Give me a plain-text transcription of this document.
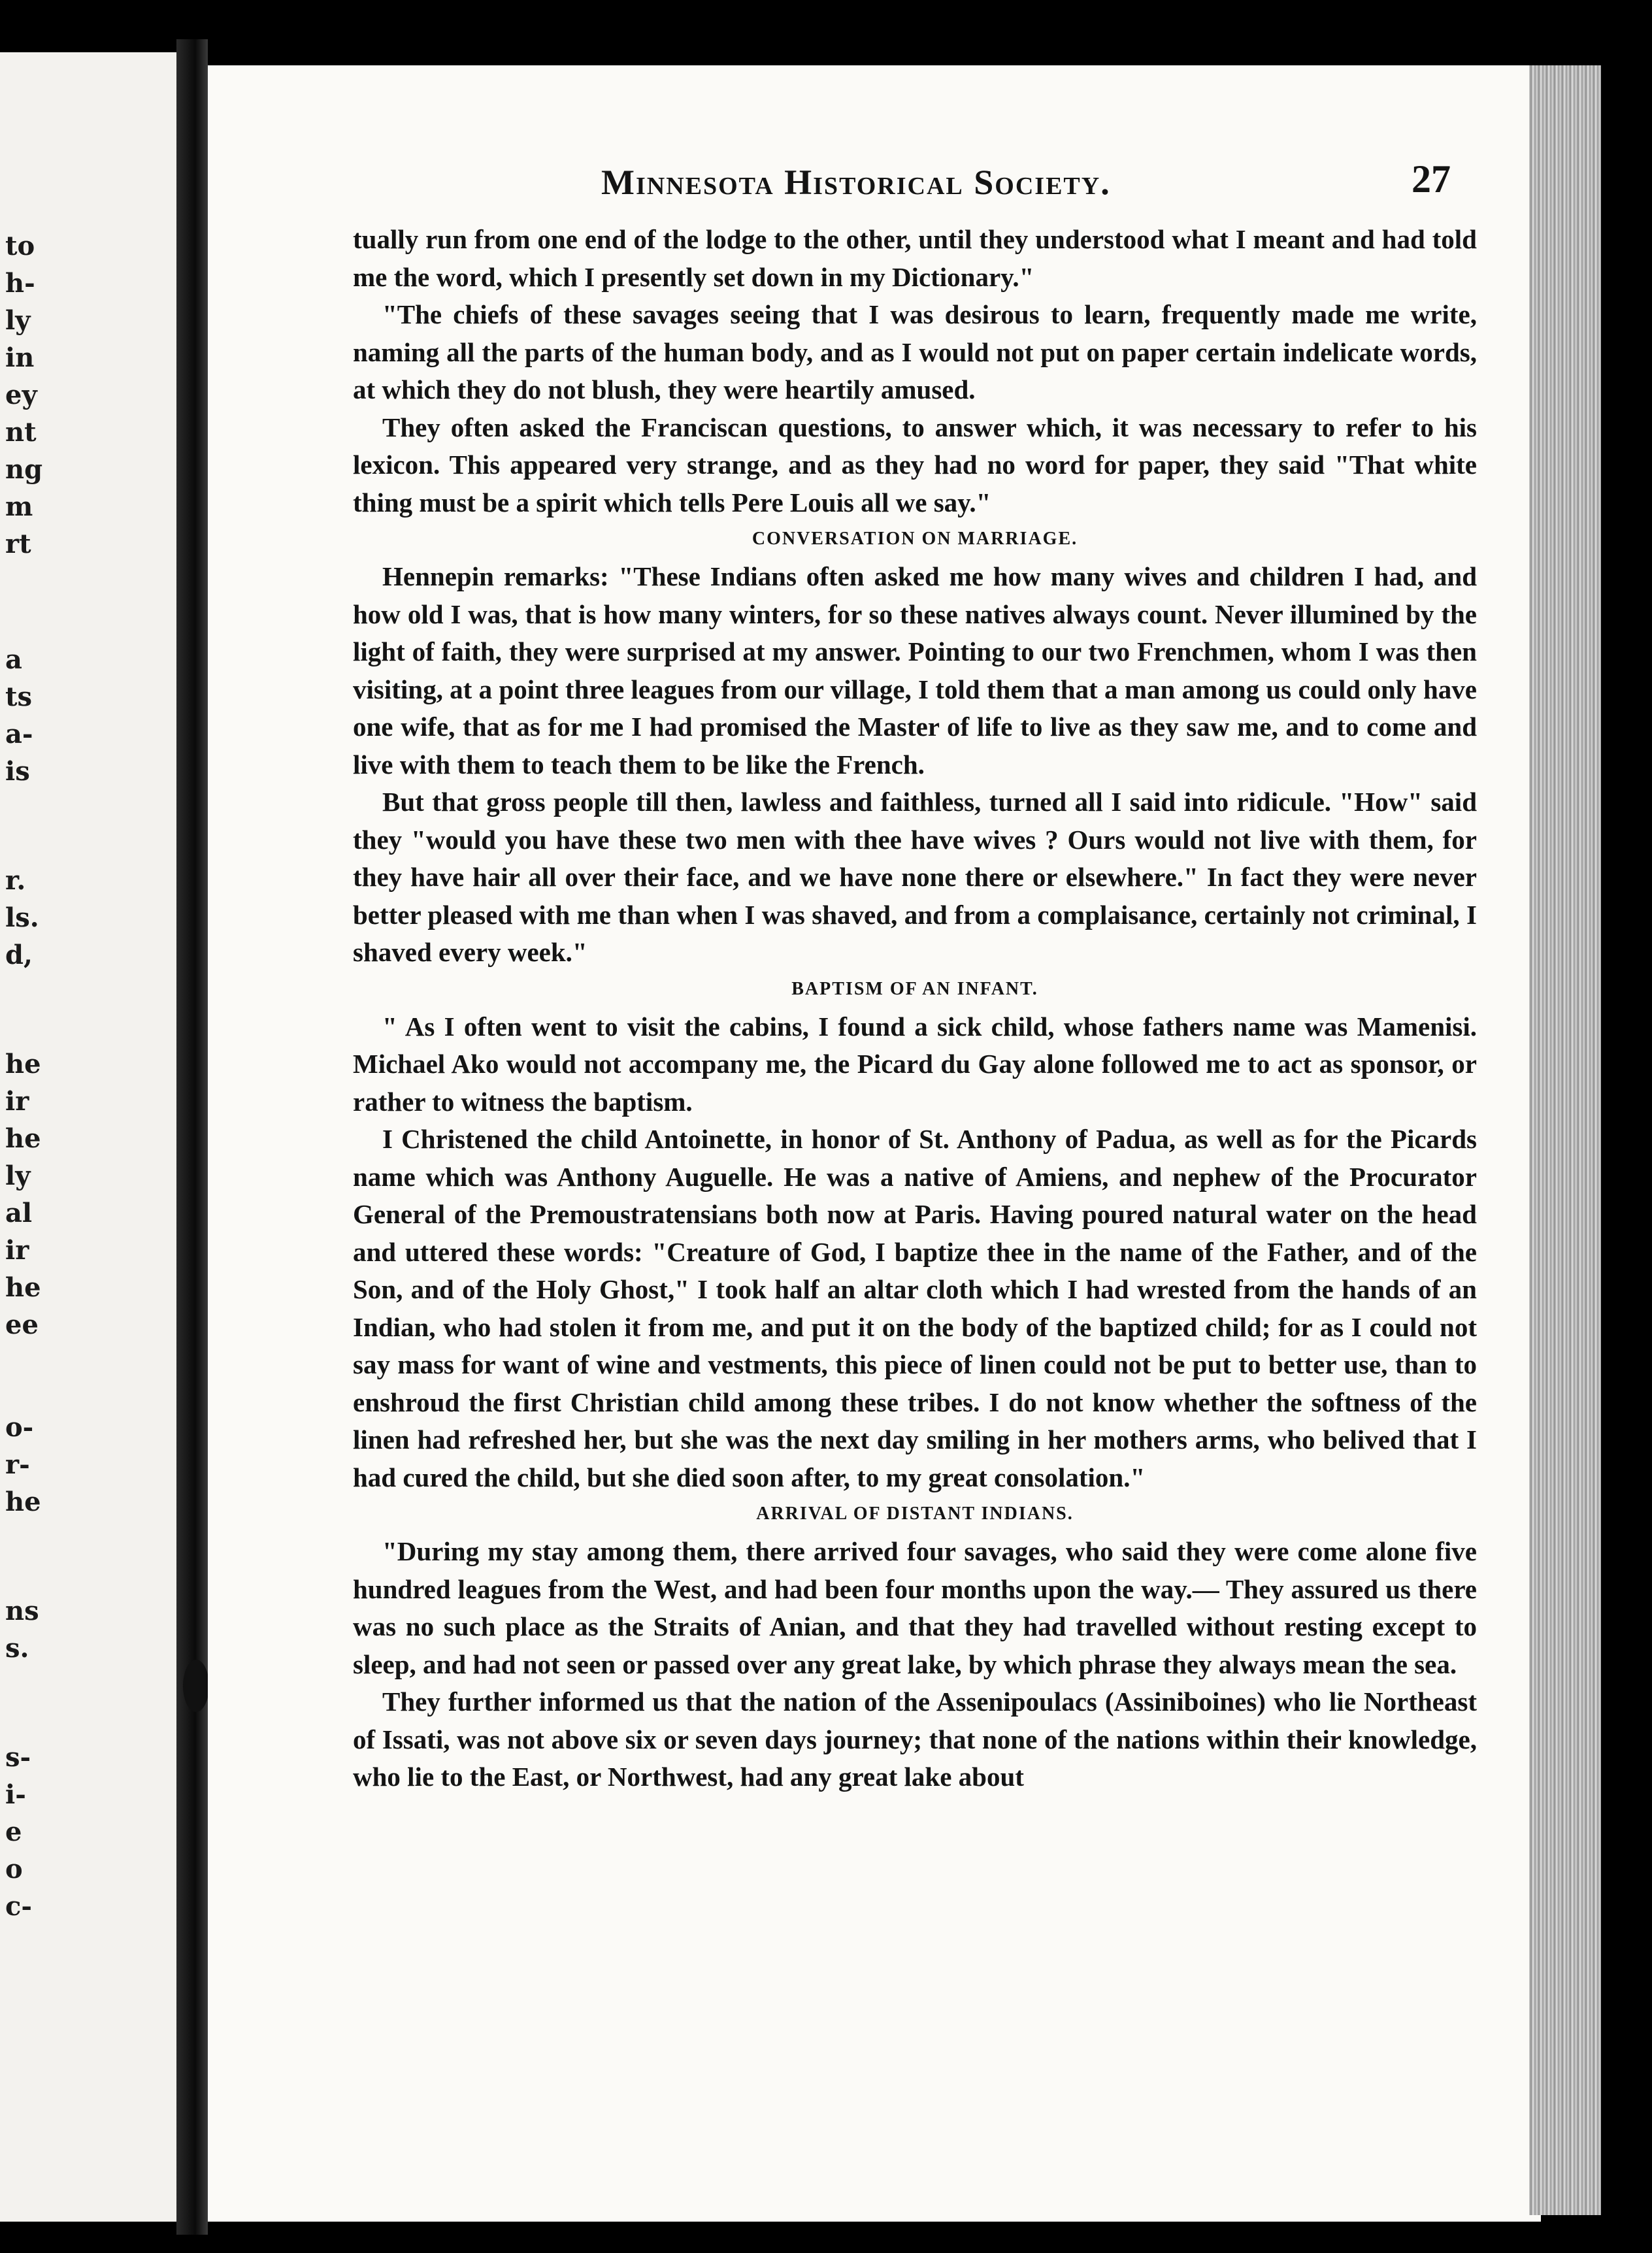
to
h-
ly
in
ey
nt
ng
m
rt
a
ts
a-
is
r.
ls.
d,
he
ir
he
ly
al
ir
he
ee
o-
r-
he
ns
s.
s-
i-
e
o
c-
Minnesota Historical Society.	27

tually run from one end of the lodge to the other, until they understood what I meant and had told me the word, which I presently set down in my Dictionary."

"The chiefs of these savages seeing that I was desirous to learn, frequently made me write, naming all the parts of the human body, and as I would not put on paper certain indelicate words, at which they do not blush, they were heartily amused.

They often asked the Franciscan questions, to answer which, it was necessary to refer to his lexicon. This appeared very strange, and as they had no word for paper, they said "That white thing must be a spirit which tells Pere Louis all we say."

CONVERSATION ON MARRIAGE.

Hennepin remarks: "These Indians often asked me how many wives and children I had, and how old I was, that is how many winters, for so these natives always count. Never illumined by the light of faith, they were surprised at my answer. Pointing to our two Frenchmen, whom I was then visiting, at a point three leagues from our village, I told them that a man among us could only have one wife, that as for me I had promised the Master of life to live as they saw me, and to come and live with them to teach them to be like the French.

But that gross people till then, lawless and faithless, turned all I said into ridicule. "How" said they "would you have these two men with thee have wives ? Ours would not live with them, for they have hair all over their face, and we have none there or elsewhere." In fact they were never better pleased with me than when I was shaved, and from a complaisance, certainly not criminal, I shaved every week."

BAPTISM OF AN INFANT.

" As I often went to visit the cabins, I found a sick child, whose fathers name was Mamenisi. Michael Ako would not accompany me, the Picard du Gay alone followed me to act as sponsor, or rather to witness the baptism.

I Christened the child Antoinette, in honor of St. Anthony of Padua, as well as for the Picards name which was Anthony Auguelle. He was a native of Amiens, and nephew of the Procurator General of the Premoustratensians both now at Paris. Having poured natural water on the head and uttered these words: "Creature of God, I baptize thee in the name of the Father, and of the Son, and of the Holy Ghost," I took half an altar cloth which I had wrested from the hands of an Indian, who had stolen it from me, and put it on the body of the baptized child; for as I could not say mass for want of wine and vestments, this piece of linen could not be put to better use, than to enshroud the first Christian child among these tribes. I do not know whether the softness of the linen had refreshed her, but she was the next day smiling in her mothers arms, who belived that I had cured the child, but she died soon after, to my great consolation."

ARRIVAL OF DISTANT INDIANS.

"During my stay among them, there arrived four savages, who said they were come alone five hundred leagues from the West, and had been four months upon the way.— They assured us there was no such place as the Straits of Anian, and that they had travelled without resting except to sleep, and had not seen or passed over any great lake, by which phrase they always mean the sea.

They further informed us that the nation of the Assenipoulacs (Assiniboines) who lie Northeast of Issati, was not above six or seven days journey; that none of the nations within their knowledge, who lie to the East, or Northwest, had any great lake about
